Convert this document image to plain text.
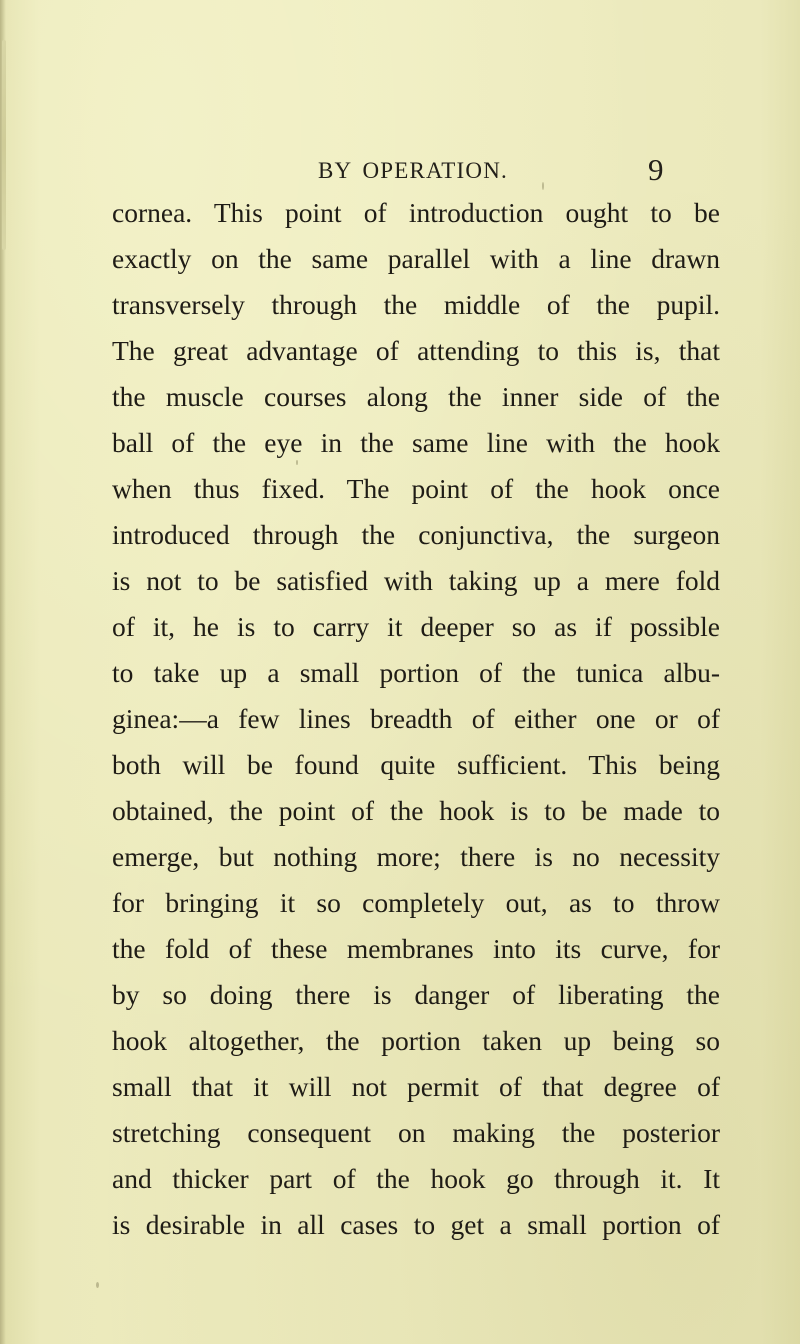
BY OPERATION.	9
cornea. This point of introduction ought to be
exactly on the same parallel with a line drawn
transversely through the middle of the pupil.
The great advantage of attending to this is, that
the muscle courses along the inner side of the
ball of the eye in the same line with the hook
when thus fixed. The point of the hook once
introduced through the conjunctiva, the surgeon
is not to be satisfied with taking up a mere fold
of it, he is to carry it deeper so as if possible
to take up a small portion of the tunica albu-
ginea:—a few lines breadth of either one or of
both will be found quite sufficient. This being
obtained, the point of the hook is to be made to
emerge, but nothing more; there is no necessity
for bringing it so completely out, as to throw
the fold of these membranes into its curve, for
by so doing there is danger of liberating the
hook altogether, the portion taken up being so
small that it will not permit of that degree of
stretching consequent on making the posterior
and thicker part of the hook go through it. It
is desirable in all cases to get a small portion of
